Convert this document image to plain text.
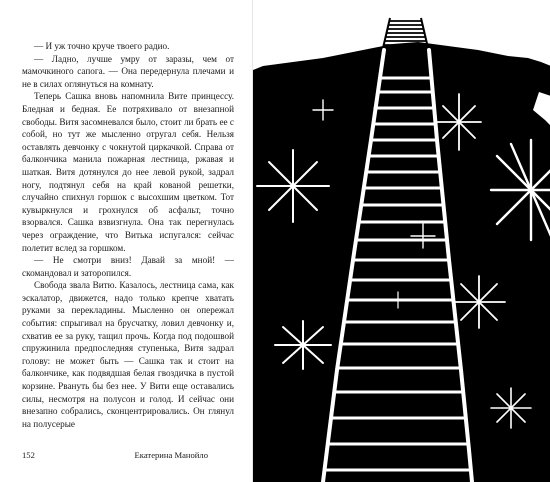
— И уж точно круче твоего радио.

— Ладно, лучше умру от заразы, чем от мамочкиного сапога. — Она передернула плечами и не в силах оглянуться на комнату.

Теперь Сашка вновь напомнила Вите принцессу. Бледная и бедная. Ее потряхивало от внезапной свободы. Витя засомневался было, стоит ли брать ее с собой, но тут же мысленно отругал себя. Нельзя оставлять девчонку с чокнутой циркачкой. Справа от балкончика манила пожарная лестница, ржавая и шаткая. Витя дотянулся до нее левой рукой, задрал ногу, подтянул себя на край кованой решетки, случайно спихнул горшок с высохшим цветком. Тот кувыркнулся и грохнулся об асфальт, точно взорвался. Сашка взвизгнула. Она так перегнулась через ограждение, что Витька испугался: сейчас полетит вслед за горшком.

— Не смотри вниз! Давай за мной! — скомандовал и заторопился.

Свобода звала Витю. Казалось, лестница сама, как эскалатор, движется, надо только крепче хватать руками за перекладины. Мысленно он опережал события: спрыгивал на брусчатку, ловил девчонку и, схватив ее за руку, тащил прочь. Когда под подошвой спружинила предпоследняя ступенька, Витя задрал голову: не может быть — Сашка так и стоит на балкончике, как подвядшая белая гвоздичка в пустой корзине. Рвануть бы без нее. У Вити еще оставались силы, несмотря на полусон и голод. И сейчас они внезапно собрались, сконцентрировались. Он глянул на полусерые

152	Екатерина Манойло
